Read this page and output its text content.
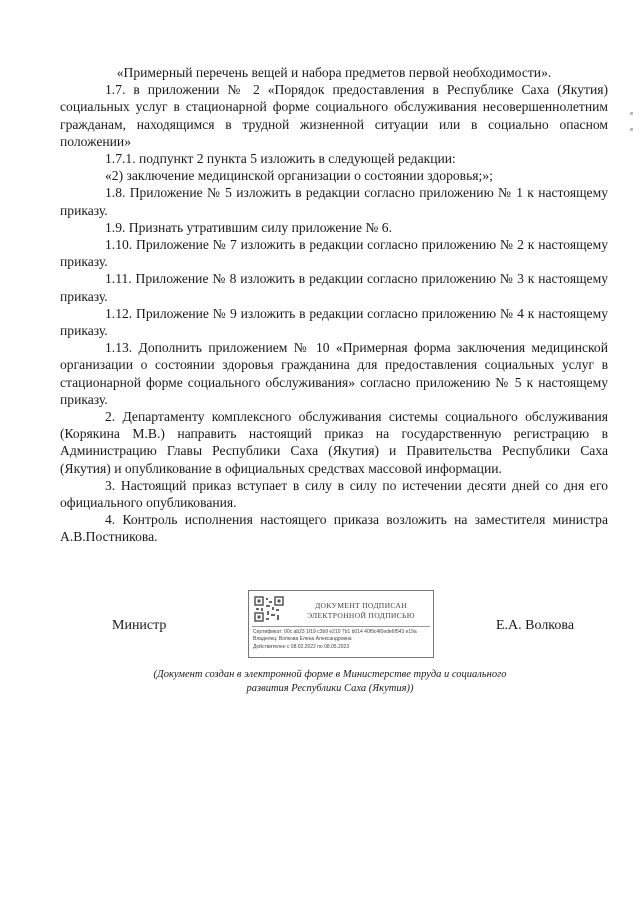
«Примерный перечень вещей и набора предметов первой необходимости».

1.7. в приложении № 2 «Порядок предоставления в Республике Саха (Якутия) социальных услуг в стационарной форме социального обслуживания несовершеннолетним гражданам, находящимся в трудной жизненной ситуации или в социально опасном положении»

1.7.1. подпункт 2 пункта 5 изложить в следующей редакции:

«2) заключение медицинской организации о состоянии здоровья;»;

1.8. Приложение № 5 изложить в редакции согласно приложению № 1 к настоящему приказу.

1.9. Признать утратившим силу приложение № 6.

1.10. Приложение № 7 изложить в редакции согласно приложению № 2 к настоящему приказу.

1.11. Приложение № 8 изложить в редакции согласно приложению № 3 к настоящему приказу.

1.12. Приложение № 9 изложить в редакции согласно приложению № 4 к настоящему приказу.

1.13. Дополнить приложением № 10 «Примерная форма заключения медицинской организации о состоянии здоровья гражданина для предоставления социальных услуг в стационарной форме социального обслуживания» согласно приложению № 5 к настоящему приказу.

2. Департаменту комплексного обслуживания системы социального обслуживания (Корякина М.В.) направить настоящий приказ на государственную регистрацию в Администрацию Главы Республики Саха (Якутия) и Правительства Республики Саха (Якутия) и опубликование в официальных средствах массовой информации.

3. Настоящий приказ вступает в силу в силу по истечении десяти дней со дня его официального опубликования.

4. Контроль исполнения настоящего приказа возложить на заместителя министра А.В.Постникова.

Министр
ДОКУМЕНТ ПОДПИСАН
ЭЛЕКТРОННОЙ ПОДПИСЬЮ
Сертификат: 00c ab23 1f19 c3b9 e210 7b1 b014 40f9c4f0ede6f543 e19a
Владелец: Волкова Елена Александровна
Действителен с 08.02.2022 по 08.05.2023
Е.А. Волкова
(Документ создан в электронной форме в Министерстве труда и социального развития Республики Саха (Якутия))
